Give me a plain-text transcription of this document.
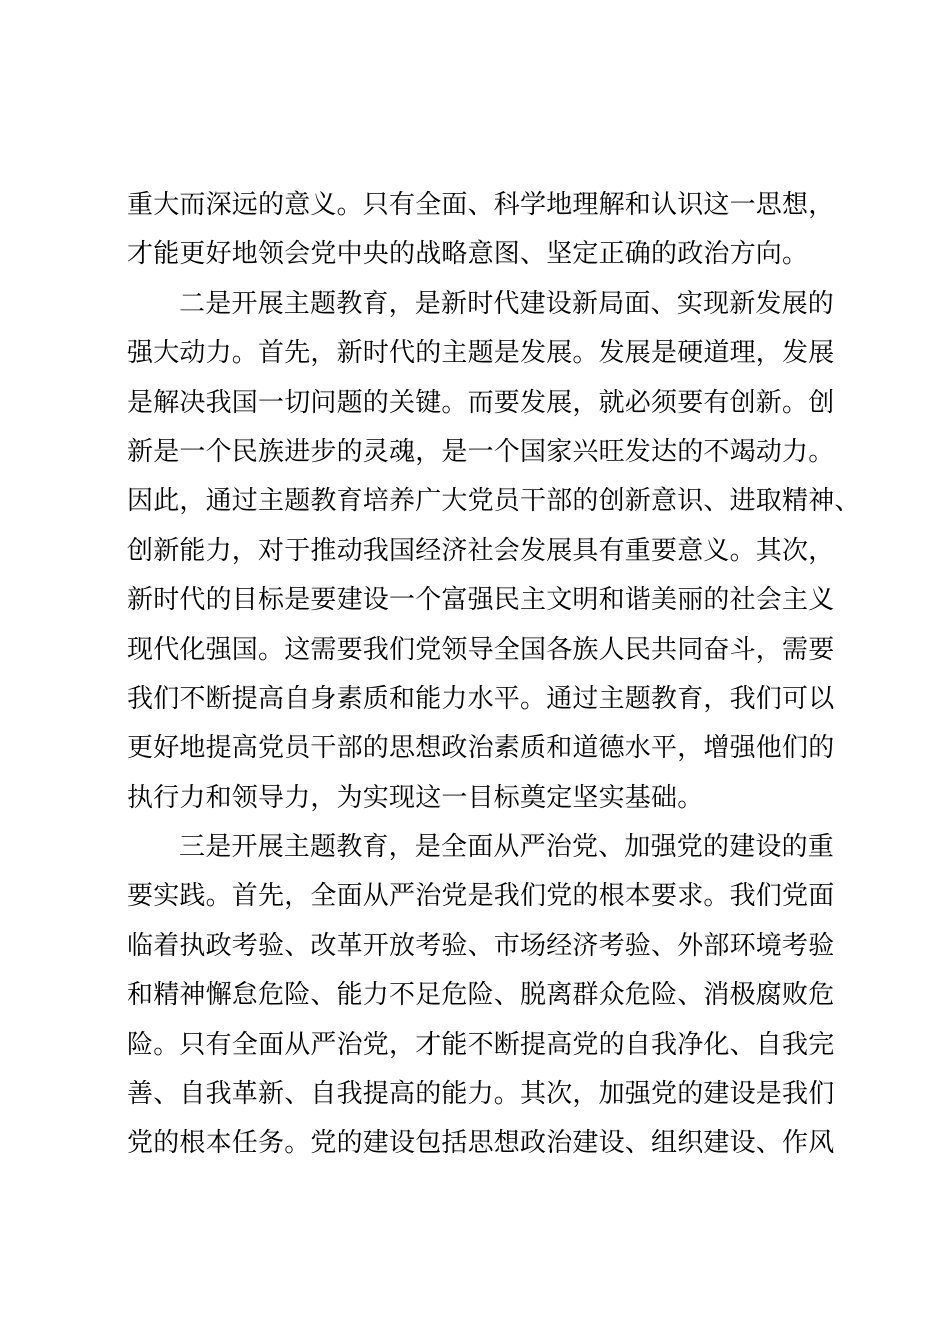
重大而深远的意义。只有全面、科学地理解和认识这一思想，
才能更好地领会党中央的战略意图、坚定正确的政治方向。
二是开展主题教育，是新时代建设新局面、实现新发展的
强大动力。首先，新时代的主题是发展。发展是硬道理，发展
是解决我国一切问题的关键。而要发展，就必须要有创新。创
新是一个民族进步的灵魂，是一个国家兴旺发达的不竭动力。
因此，通过主题教育培养广大党员干部的创新意识、进取精神、
创新能力，对于推动我国经济社会发展具有重要意义。其次，
新时代的目标是要建设一个富强民主文明和谐美丽的社会主义
现代化强国。这需要我们党领导全国各族人民共同奋斗，需要
我们不断提高自身素质和能力水平。通过主题教育，我们可以
更好地提高党员干部的思想政治素质和道德水平，增强他们的
执行力和领导力，为实现这一目标奠定坚实基础。
三是开展主题教育，是全面从严治党、加强党的建设的重
要实践。首先，全面从严治党是我们党的根本要求。我们党面
临着执政考验、改革开放考验、市场经济考验、外部环境考验
和精神懈怠危险、能力不足危险、脱离群众危险、消极腐败危
险。只有全面从严治党，才能不断提高党的自我净化、自我完
善、自我革新、自我提高的能力。其次，加强党的建设是我们
党的根本任务。党的建设包括思想政治建设、组织建设、作风
